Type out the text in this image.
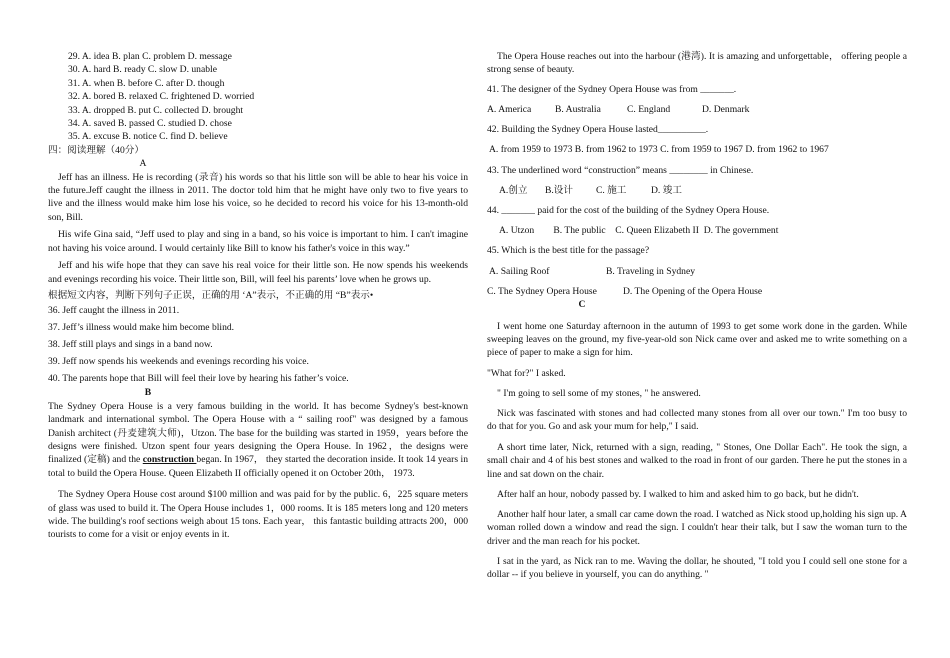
29. A. idea B. plan C. problem D. message
30. A. hard B. ready C. slow D. unable
31. A. when B. before C. after D. though
32. A. bored B. relaxed C. frightened D. worried
33. A. dropped B. put C. collected D. brought
34. A. saved B. passed C. studied D. chose
35. A. excuse B. notice C. find D. believe
四：阅读理解（40分）
A

Jeff has an illness. He is recording (录音) his words so that his little son will be able to hear his voice in the future.Jeff caught the illness in 2011. The doctor told him that he might have only two to five years to live and the illness would make him lose his voice, so he decided to record his voice for his 13-month-old son, Bill.

His wife Gina said, “Jeff used to play and sing in a band, so his voice is important to him. I can't imagine not having his voice around. I would certainly like Bill to know his father's voice in this way.”

Jeff and his wife hope that they can save his real voice for their little son. He now spends his weekends and evenings recording his voice. Their little son, Bill, will feel his parents’ love when he grows up.

根据短文内容，判断下列句子正误，正确的用 ‘A”表示，不正确的用 “B”表示•
36. Jeff caught the illness in 2011.
37. Jeff’s illness would make him become blind.
38. Jeff still plays and sings in a band now.
39. Jeff now spends his weekends and evenings recording his voice.
40. The parents hope that Bill will feel their love by hearing his father’s voice.
B

The Sydney Opera House is a very famous building in the world. It has become Sydney's best-known landmark and international symbol. The Opera House with a “ sailing roof" was designed by a famous Danish architect (丹麦建筑大师)，Utzon. The base for the building was started in 1959，years before the designs were finished. Utzon spent four years designing the Opera House. In 1962，the designs were finalized (定稿) and the construction began. In 1967， they started the decoration inside. It took 14 years in total to build the Opera House. Queen Elizabeth II officially opened it on October 20th， 1973.

The Sydney Opera House cost around $100 million and was paid for by the public. 6，225 square meters of glass was used to build it. The Opera House includes 1，000 rooms. It is 185 meters long and 120 meters wide. The building's roof sections weigh about 15 tons. Each year， this fantastic building attracts 200，000 tourists to come for a visit or enjoy events in it.

The Opera House reaches out into the harbour (港湾). It is amazing and unforgettable， offering people a strong sense of beauty.

41. The designer of the Sydney Opera House was from _______.
A. America	B. Australia	C. England	D. Denmark
42. Building the Sydney Opera House lasted__________.
A. from 1959 to 1973 B. from 1962 to 1973 C. from 1959 to 1967 D. from 1962 to 1967
43. The underlined word “construction” means ________ in Chinese.
A.创立	B.设计	C. 施工	D. 竣工
44. _______ paid for the cost of the building of the Sydney Opera House.
A. Utzon        B. The public    C. Queen Elizabeth II  D. The government
45. Which is the best title for the passage?
A. Sailing Roof	B. Traveling in Sydney
C. The Sydney Opera House	D. The Opening of the Opera House
C

I went home one Saturday afternoon in the autumn of 1993 to get some work done in the garden. While sweeping leaves on the ground, my five-year-old son Nick came over and asked me to write something on a piece of paper to make a sign for him.

"What for?" I asked.

" I'm going to sell some of my stones, " he answered.

Nick was fascinated with stones and had collected many stones from all over our town." I'm too busy to do that for you. Go and ask your mum for help," I said.

A short time later, Nick, returned with a sign, reading, " Stones, One Dollar Each". He took the sign, a small chair and 4 of his best stones and walked to the road in front of our garden. There he put the stones in a line and sat down on the chair.

After half an hour, nobody passed by. I walked to him and asked him to go back, but he didn't.

Another half hour later, a small car came down the road. I watched as Nick stood up,holding his sign up. A woman rolled down a window and read the sign. I couldn't hear their talk, but I saw the woman turn to the driver and the man reach for his pocket.

I sat in the yard, as Nick ran to me. Waving the dollar, he shouted, "I told you I could sell one stone for a dollar -- if you believe in yourself, you can do anything. "
